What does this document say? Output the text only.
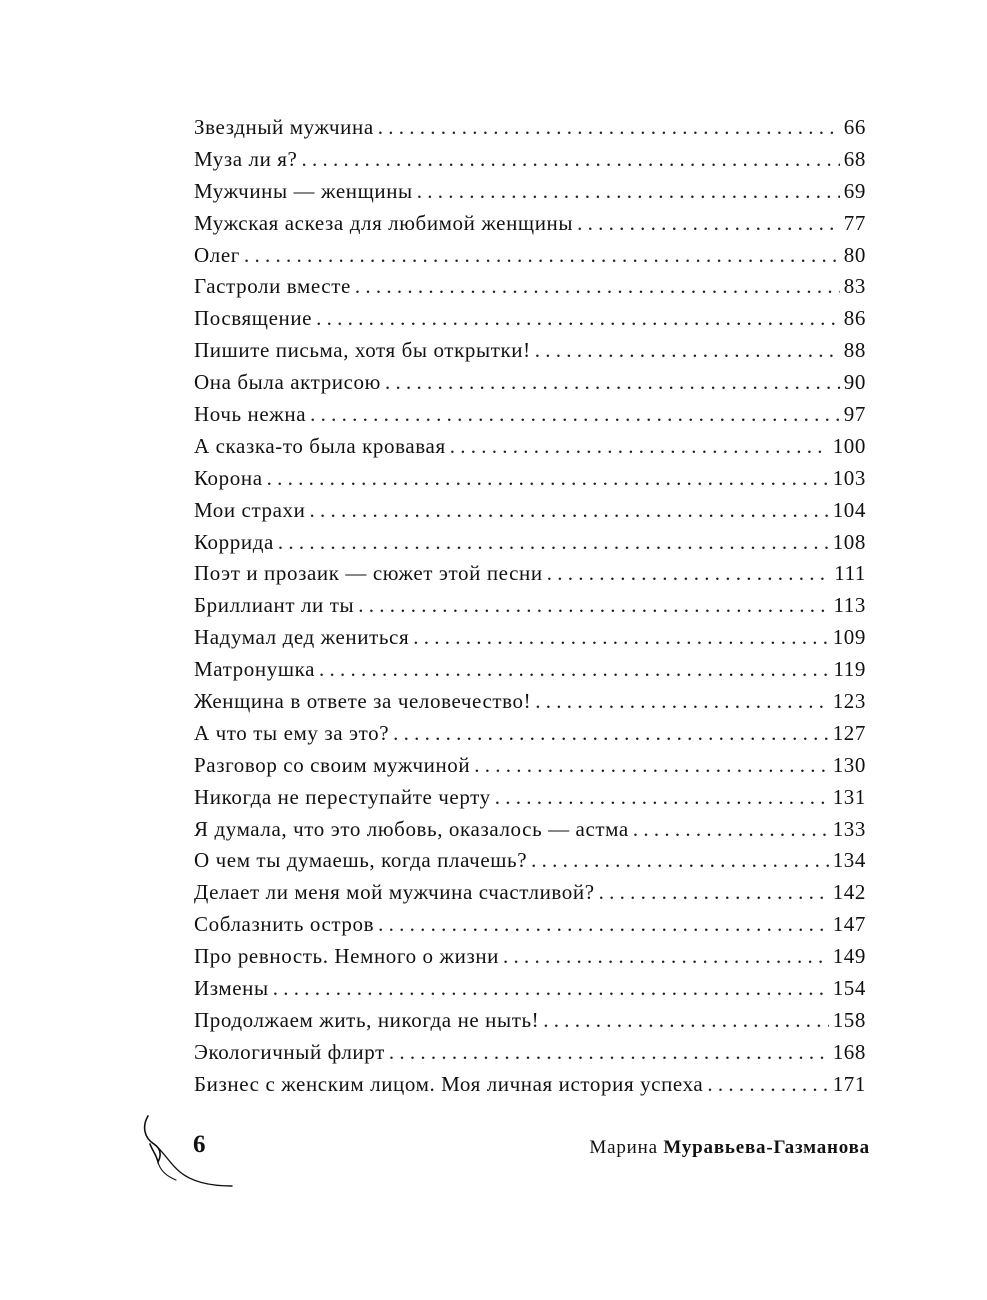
Звездный мужчина . . .	66
Муза ли я? . . .	68
Мужчины — женщины . . .	69
Мужская аскеза для любимой женщины . . .	77
Олег . . .	80
Гастроли вместе . . .	83
Посвящение . . .	86
Пишите письма, хотя бы открытки! . . .	88
Она была актрисою . . .	90
Ночь нежна . . .	97
А сказка-то была кровавая . . .	100
Корона . . .	103
Мои страхи . . .	104
Коррида . . .	108
Поэт и прозаик — сюжет этой песни . . .	111
Бриллиант ли ты . . .	113
Надумал дед жениться . . .	109
Матронушка . . .	119
Женщина в ответе за человечество! . . .	123
А что ты ему за это? . . .	127
Разговор со своим мужчиной . . .	130
Никогда не переступайте черту . . .	131
Я думала, что это любовь, оказалось — астма . . .	133
О чем ты думаешь, когда плачешь? . . .	134
Делает ли меня мой мужчина счастливой? . . .	142
Соблазнить остров . . .	147
Про ревность. Немного о жизни . . .	149
Измены . . .	154
Продолжаем жить, никогда не ныть! . . .	158
Экологичный флирт . . .	168
Бизнес с женским лицом. Моя личная история успеха . . .	171
6	Марина Муравьева-Газманова
